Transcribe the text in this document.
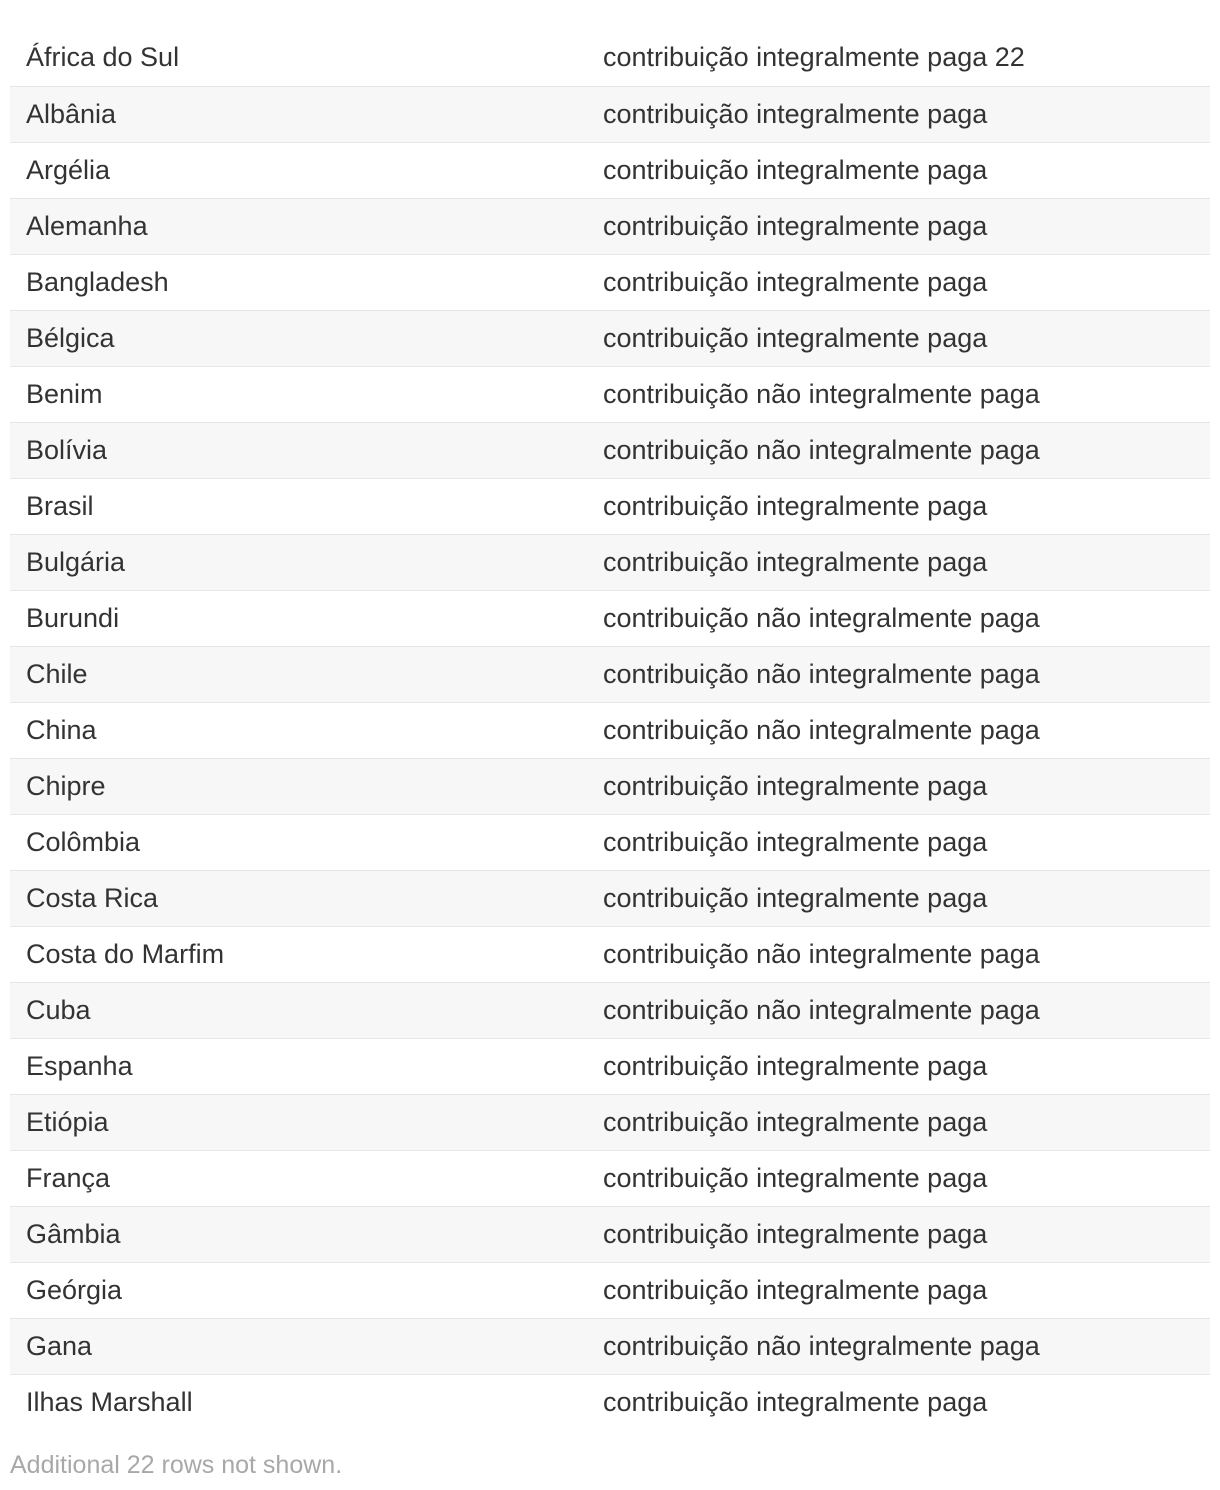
África do Sul	contribuição integralmente paga 22
Albânia	contribuição integralmente paga
Argélia	contribuição integralmente paga
Alemanha	contribuição integralmente paga
Bangladesh	contribuição integralmente paga
Bélgica	contribuição integralmente paga
Benim	contribuição não integralmente paga
Bolívia	contribuição não integralmente paga
Brasil	contribuição integralmente paga
Bulgária	contribuição integralmente paga
Burundi	contribuição não integralmente paga
Chile	contribuição não integralmente paga
China	contribuição não integralmente paga
Chipre	contribuição integralmente paga
Colômbia	contribuição integralmente paga
Costa Rica	contribuição integralmente paga
Costa do Marfim	contribuição não integralmente paga
Cuba	contribuição não integralmente paga
Espanha	contribuição integralmente paga
Etiópia	contribuição integralmente paga
França	contribuição integralmente paga
Gâmbia	contribuição integralmente paga
Geórgia	contribuição integralmente paga
Gana	contribuição não integralmente paga
Ilhas Marshall	contribuição integralmente paga
Additional 22 rows not shown.
